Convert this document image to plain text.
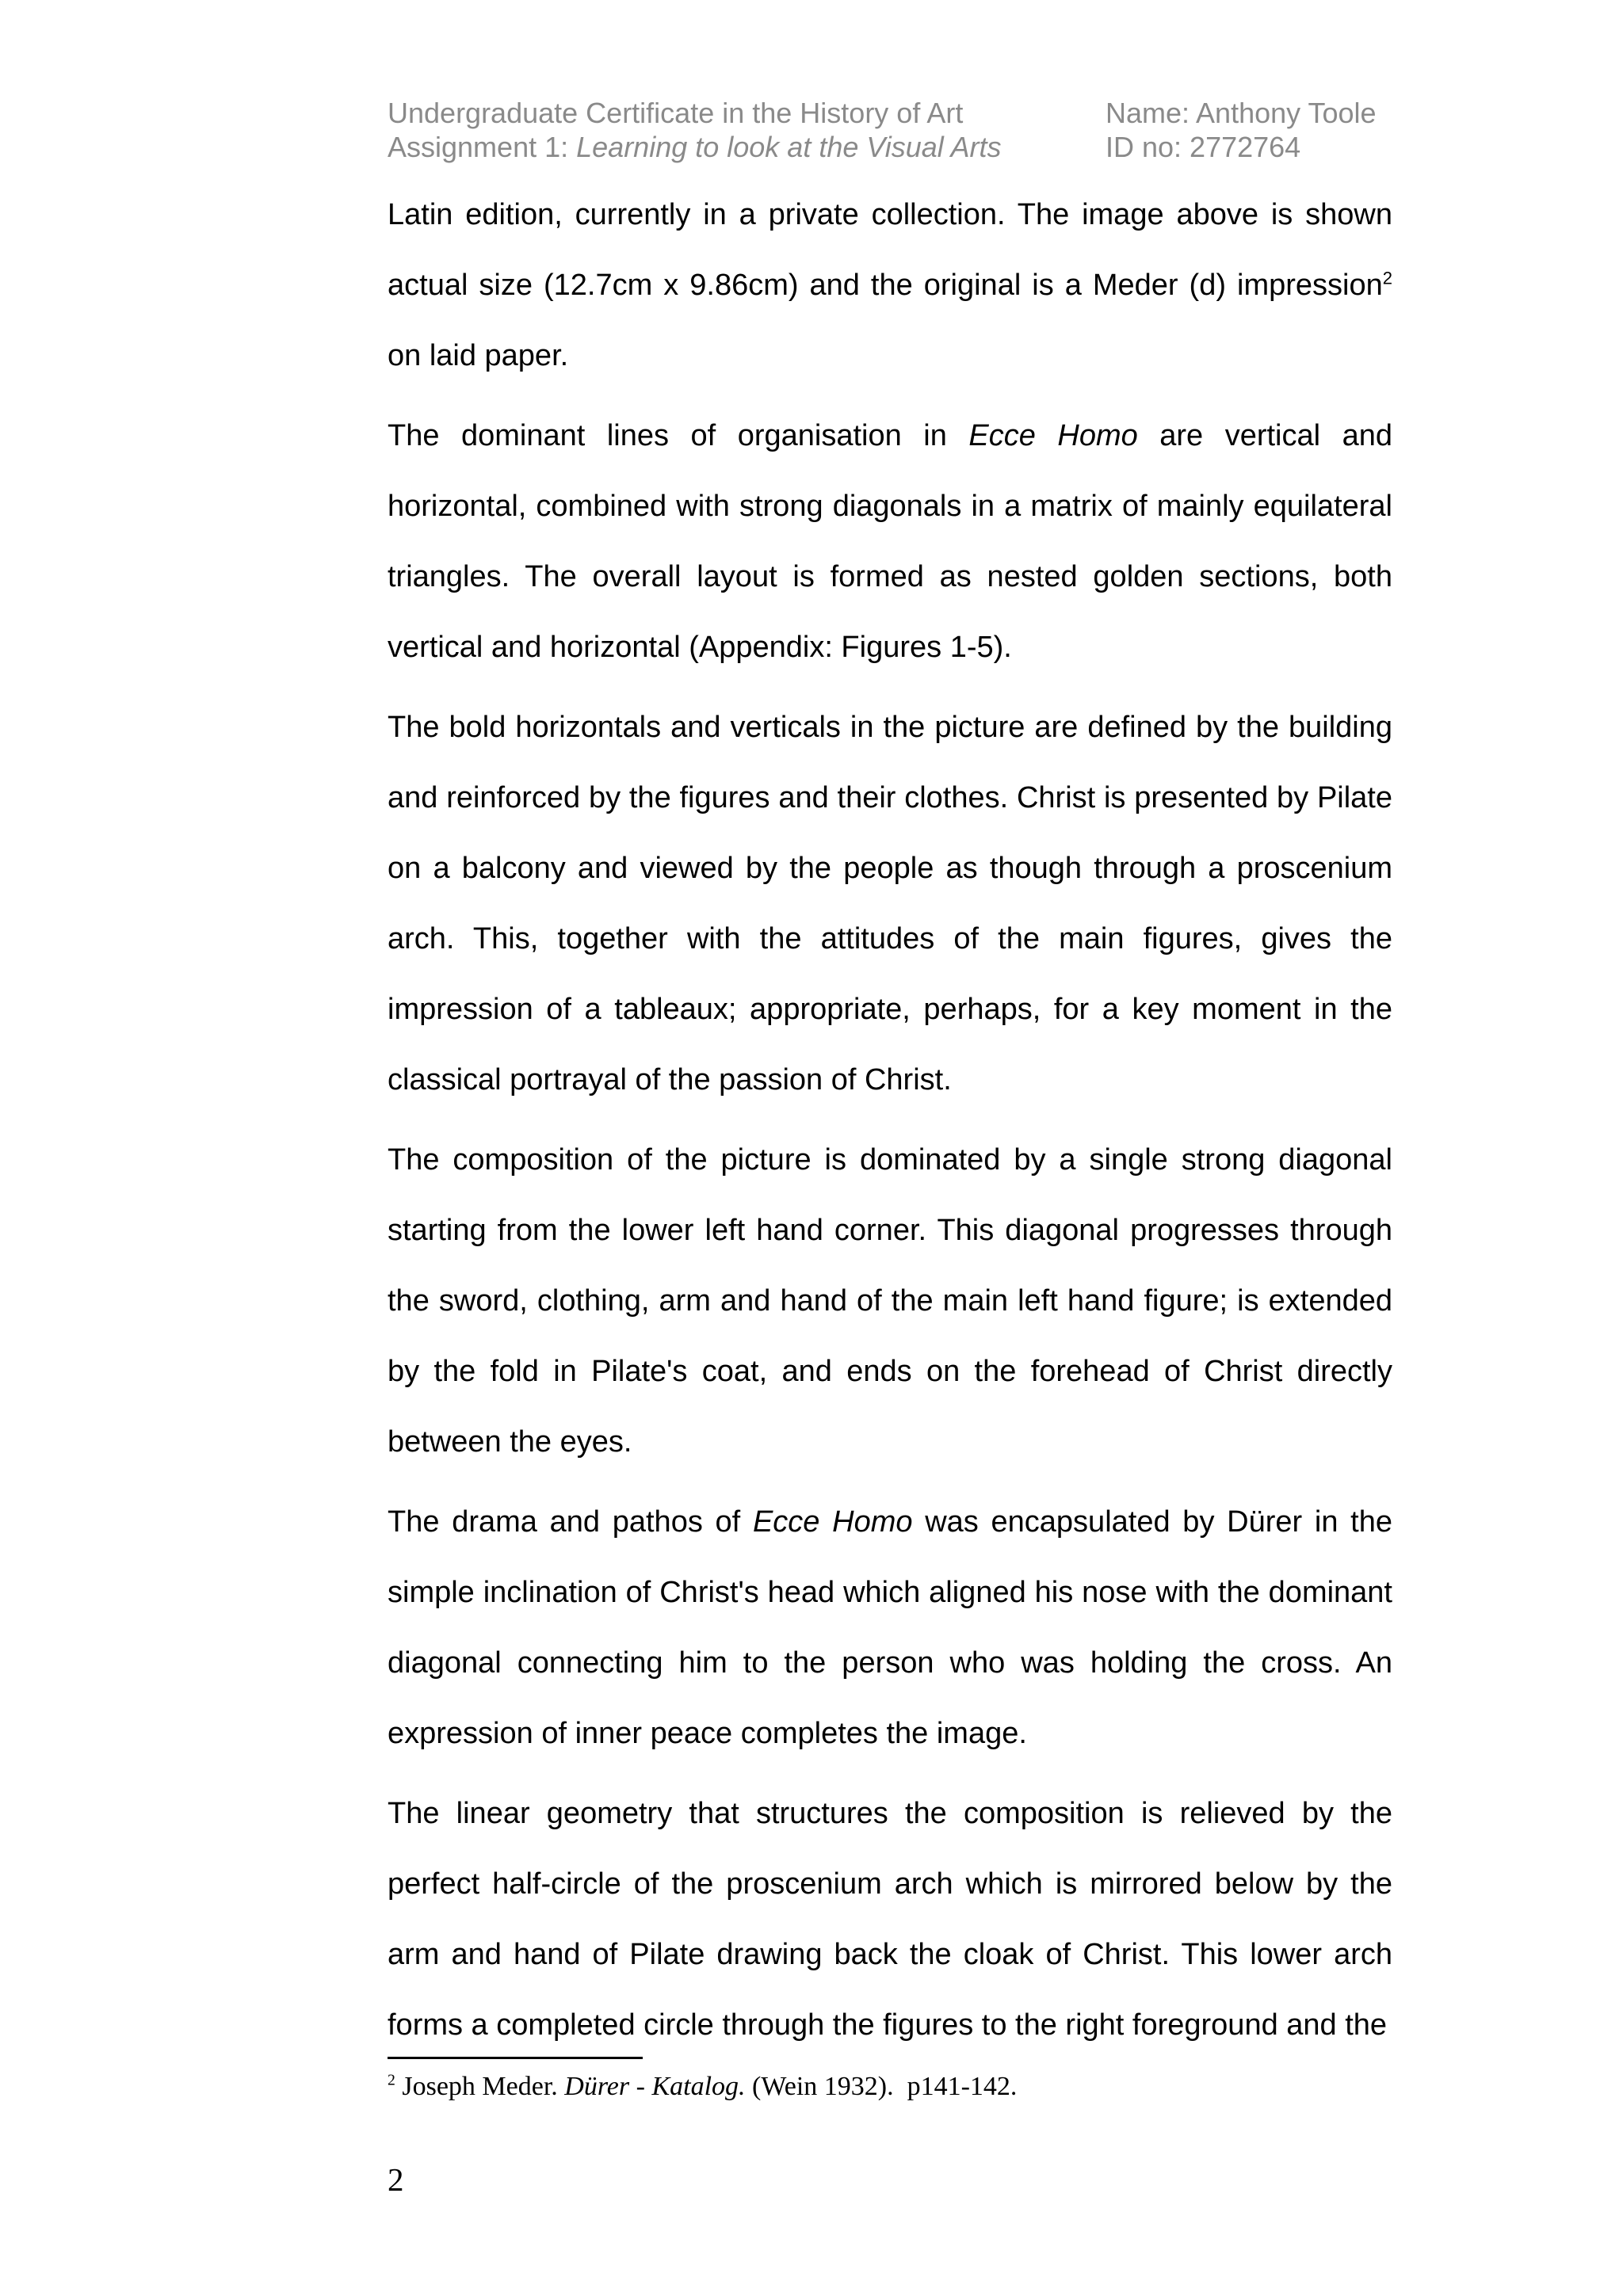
Undergraduate Certificate in the History of Art
Assignment 1: Learning to look at the Visual Arts
Name: Anthony Toole
ID no: 2772764

Latin edition, currently in a private collection. The image above is shown actual size (12.7cm x 9.86cm) and the original is a Meder (d) impression$^2$ on laid paper.

The dominant lines of organisation in Ecce Homo are vertical and horizontal, combined with strong diagonals in a matrix of mainly equilateral triangles. The overall layout is formed as nested golden sections, both vertical and horizontal (Appendix: Figures 1-5).

The bold horizontals and verticals in the picture are defined by the building and reinforced by the figures and their clothes. Christ is presented by Pilate on a balcony and viewed by the people as though through a proscenium arch. This, together with the attitudes of the main figures, gives the impression of a tableaux; appropriate, perhaps, for a key moment in the classical portrayal of the passion of Christ.

The composition of the picture is dominated by a single strong diagonal starting from the lower left hand corner. This diagonal progresses through the sword, clothing, arm and hand of the main left hand figure; is extended by the fold in Pilate's coat, and ends on the forehead of Christ directly between the eyes.

The drama and pathos of Ecce Homo was encapsulated by Dürer in the simple inclination of Christ's head which aligned his nose with the dominant diagonal connecting him to the person who was holding the cross. An expression of inner peace completes the image.

The linear geometry that structures the composition is relieved by the perfect half-circle of the proscenium arch which is mirrored below by the arm and hand of Pilate drawing back the cloak of Christ. This lower arch forms a completed circle through the figures to the right foreground and the

$^2$ Joseph Meder. Dürer - Katalog. (Wein 1932).  p141-142.
2
